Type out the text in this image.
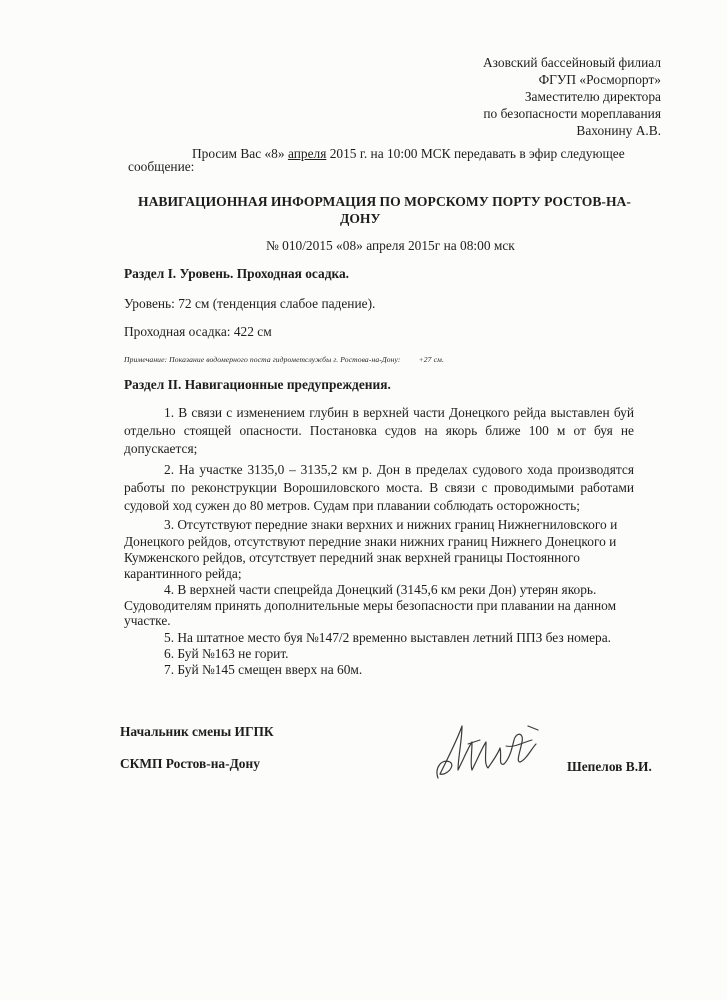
Азовский бассейновый филиал
ФГУП «Росморпорт»
Заместителю директора
по безопасности мореплавания
Вахонину А.В.
Просим Вас «8» апреля 2015 г. на 10:00 МСК передавать в эфир следующее
сообщение:
НАВИГАЦИОННАЯ ИНФОРМАЦИЯ ПО МОРСКОМУ ПОРТУ РОСТОВ-НА-
ДОНУ
№ 010/2015 «08» апреля 2015г на 08:00 мск
Раздел I. Уровень. Проходная осадка.
Уровень: 72 см (тенденция слабое падение).
Проходная осадка: 422 см
Примечание: Показание водомерного поста гидрометслужбы г. Ростова-на-Дону: +27 см.
Раздел II. Навигационные предупреждения.
1. В связи с изменением глубин в верхней части Донецкого рейда выставлен буй
отдельно стоящей опасности. Постановка судов на якорь ближе 100 м от буя не
допускается;
2. На участке 3135,0 – 3135,2 км р. Дон в пределах судового хода производятся
работы по реконструкции Ворошиловского моста. В связи с проводимыми работами
судовой ход сужен до 80 метров. Судам при плавании соблюдать осторожность;
3. Отсутствуют передние знаки верхних и нижних границ Нижнегниловского и
Донецкого рейдов, отсутствуют передние знаки нижних границ Нижнего Донецкого и
Кумженского рейдов, отсутствует передний знак верхней границы Постоянного
карантинного рейда;
4. В верхней части спецрейда Донецкий (3145,6 км реки Дон) утерян якорь.
Судоводителям принять дополнительные меры безопасности при плавании на данном
участке.
5. На штатное место буя №147/2 временно выставлен летний ППЗ без номера.
6. Буй №163 не горит.
7. Буй №145 смещен вверх на 60м.
Начальник смены ИГПК
СКМП Ростов-на-Дону	Шепелов В.И.
